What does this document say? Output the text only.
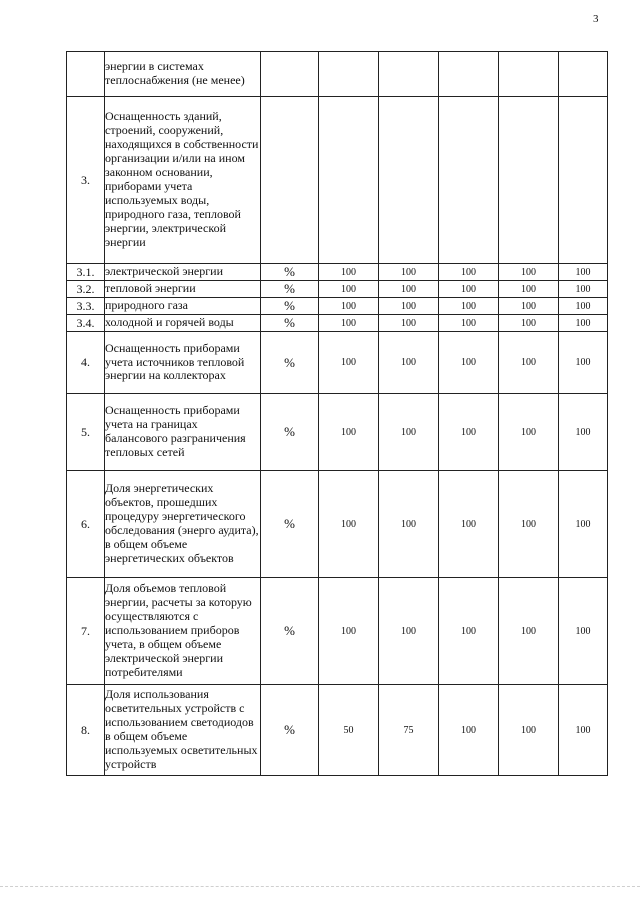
3
	энергии в системах теплоснабжения (не менее)						
3.	Оснащенность зданий, строений, сооружений, находящихся в собственности организации и/или на ином законном основании, приборами учета используемых воды, природного газа, тепловой энергии, электрической энергии						
3.1.	электрической энергии	%	100	100	100	100	100
3.2.	тепловой энергии	%	100	100	100	100	100
3.3.	природного газа	%	100	100	100	100	100
3.4.	холодной и горячей воды	%	100	100	100	100	100
4.	Оснащенность приборами учета источников тепловой энергии на коллекторах	%	100	100	100	100	100
5.	Оснащенность приборами учета на границах балансового разграничения тепловых сетей	%	100	100	100	100	100
6.	Доля энергетических объектов, прошедших процедуру энергетического обследования (энерго аудита), в общем объеме энергетических объектов	%	100	100	100	100	100
7.	Доля объемов тепловой энергии, расчеты за которую осуществляются с использованием приборов учета, в общем объеме электрической энергии потребителями	%	100	100	100	100	100
8.	Доля использования осветительных устройств с использованием светодиодов в общем объеме используемых осветительных устройств	%	50	75	100	100	100
